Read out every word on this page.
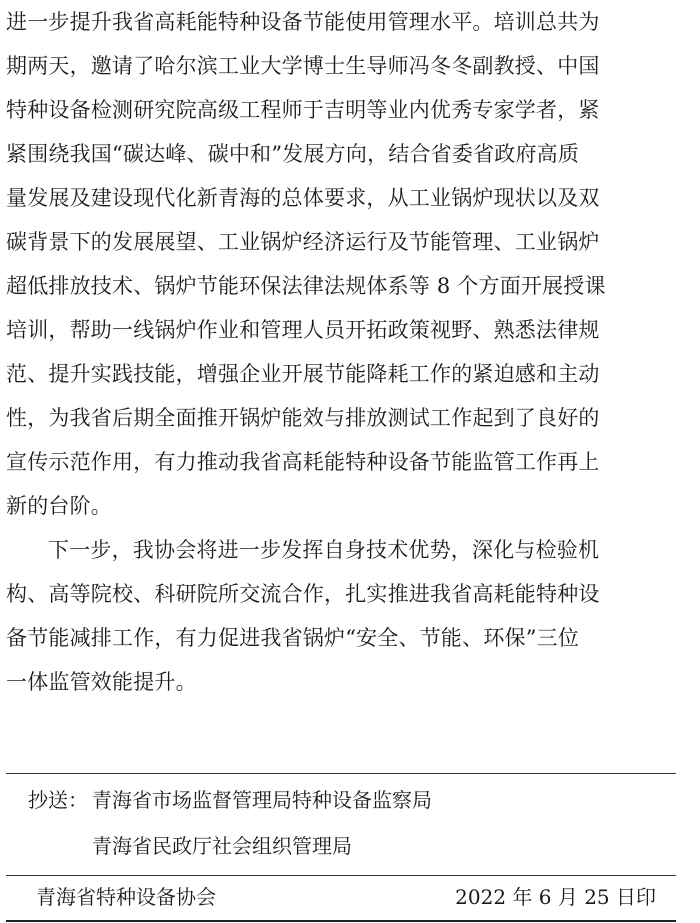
进一步提升我省高耗能特种设备节能使用管理水平。培训总共为
期两天，邀请了哈尔滨工业大学博士生导师冯冬冬副教授、中国
特种设备检测研究院高级工程师于吉明等业内优秀专家学者，紧
紧围绕我国“碳达峰、碳中和”发展方向，结合省委省政府高质
量发展及建设现代化新青海的总体要求，从工业锅炉现状以及双
碳背景下的发展展望、工业锅炉经济运行及节能管理、工业锅炉
超低排放技术、锅炉节能环保法律法规体系等 8 个方面开展授课
培训，帮助一线锅炉作业和管理人员开拓政策视野、熟悉法律规
范、提升实践技能，增强企业开展节能降耗工作的紧迫感和主动
性，为我省后期全面推开锅炉能效与排放测试工作起到了良好的
宣传示范作用，有力推动我省高耗能特种设备节能监管工作再上
新的台阶。
下一步，我协会将进一步发挥自身技术优势，深化与检验机
构、高等院校、科研院所交流合作，扎实推进我省高耗能特种设
备节能减排工作，有力促进我省锅炉“安全、节能、环保”三位
一体监管效能提升。
抄送： 青海省市场监督管理局特种设备监察局
青海省民政厅社会组织管理局
青海省特种设备协会	2022 年 6 月 25 日印
